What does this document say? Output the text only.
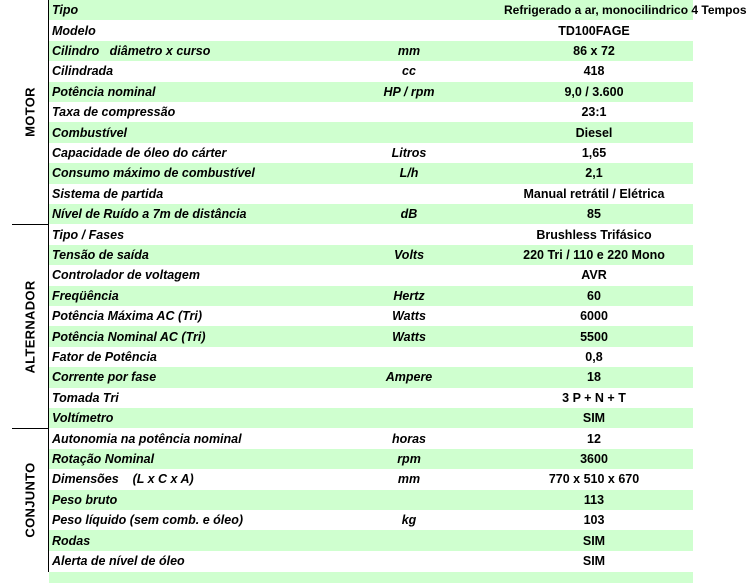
MOTOR
Tipo	Refrigerado a ar, monocilindrico 4 Tempos
Modelo	TD100FAGE
Cilindro   diâmetro x curso	mm	86 x 72
Cilindrada	cc	418
Potência nominal	HP / rpm	9,0 / 3.600
Taxa de compressão	23:1
Combustível	Diesel
Capacidade de óleo do cárter	Litros	1,65
Consumo máximo de combustível	L/h	2,1
Sistema de partida	Manual retrátil / Elétrica
Nível de Ruído a 7m de distância	dB	85
ALTERNADOR
Tipo / Fases	Brushless Trifásico
Tensão de saída	Volts	220 Tri / 110 e 220 Mono
Controlador de voltagem	AVR
Freqüência	Hertz	60
Potência Máxima AC (Tri)	Watts	6000
Potência Nominal AC (Tri)	Watts	5500
Fator de Potência	0,8
Corrente por fase	Ampere	18
Tomada Tri	3 P + N + T
Voltímetro	SIM
CONJUNTO
Autonomia na potência nominal	horas	12
Rotação Nominal	rpm	3600
Dimensões    (L x C x A)	mm	770 x 510 x 670
Peso bruto	113
Peso líquido (sem comb. e óleo)	kg	103
Rodas	SIM
Alerta de nível de óleo	SIM
